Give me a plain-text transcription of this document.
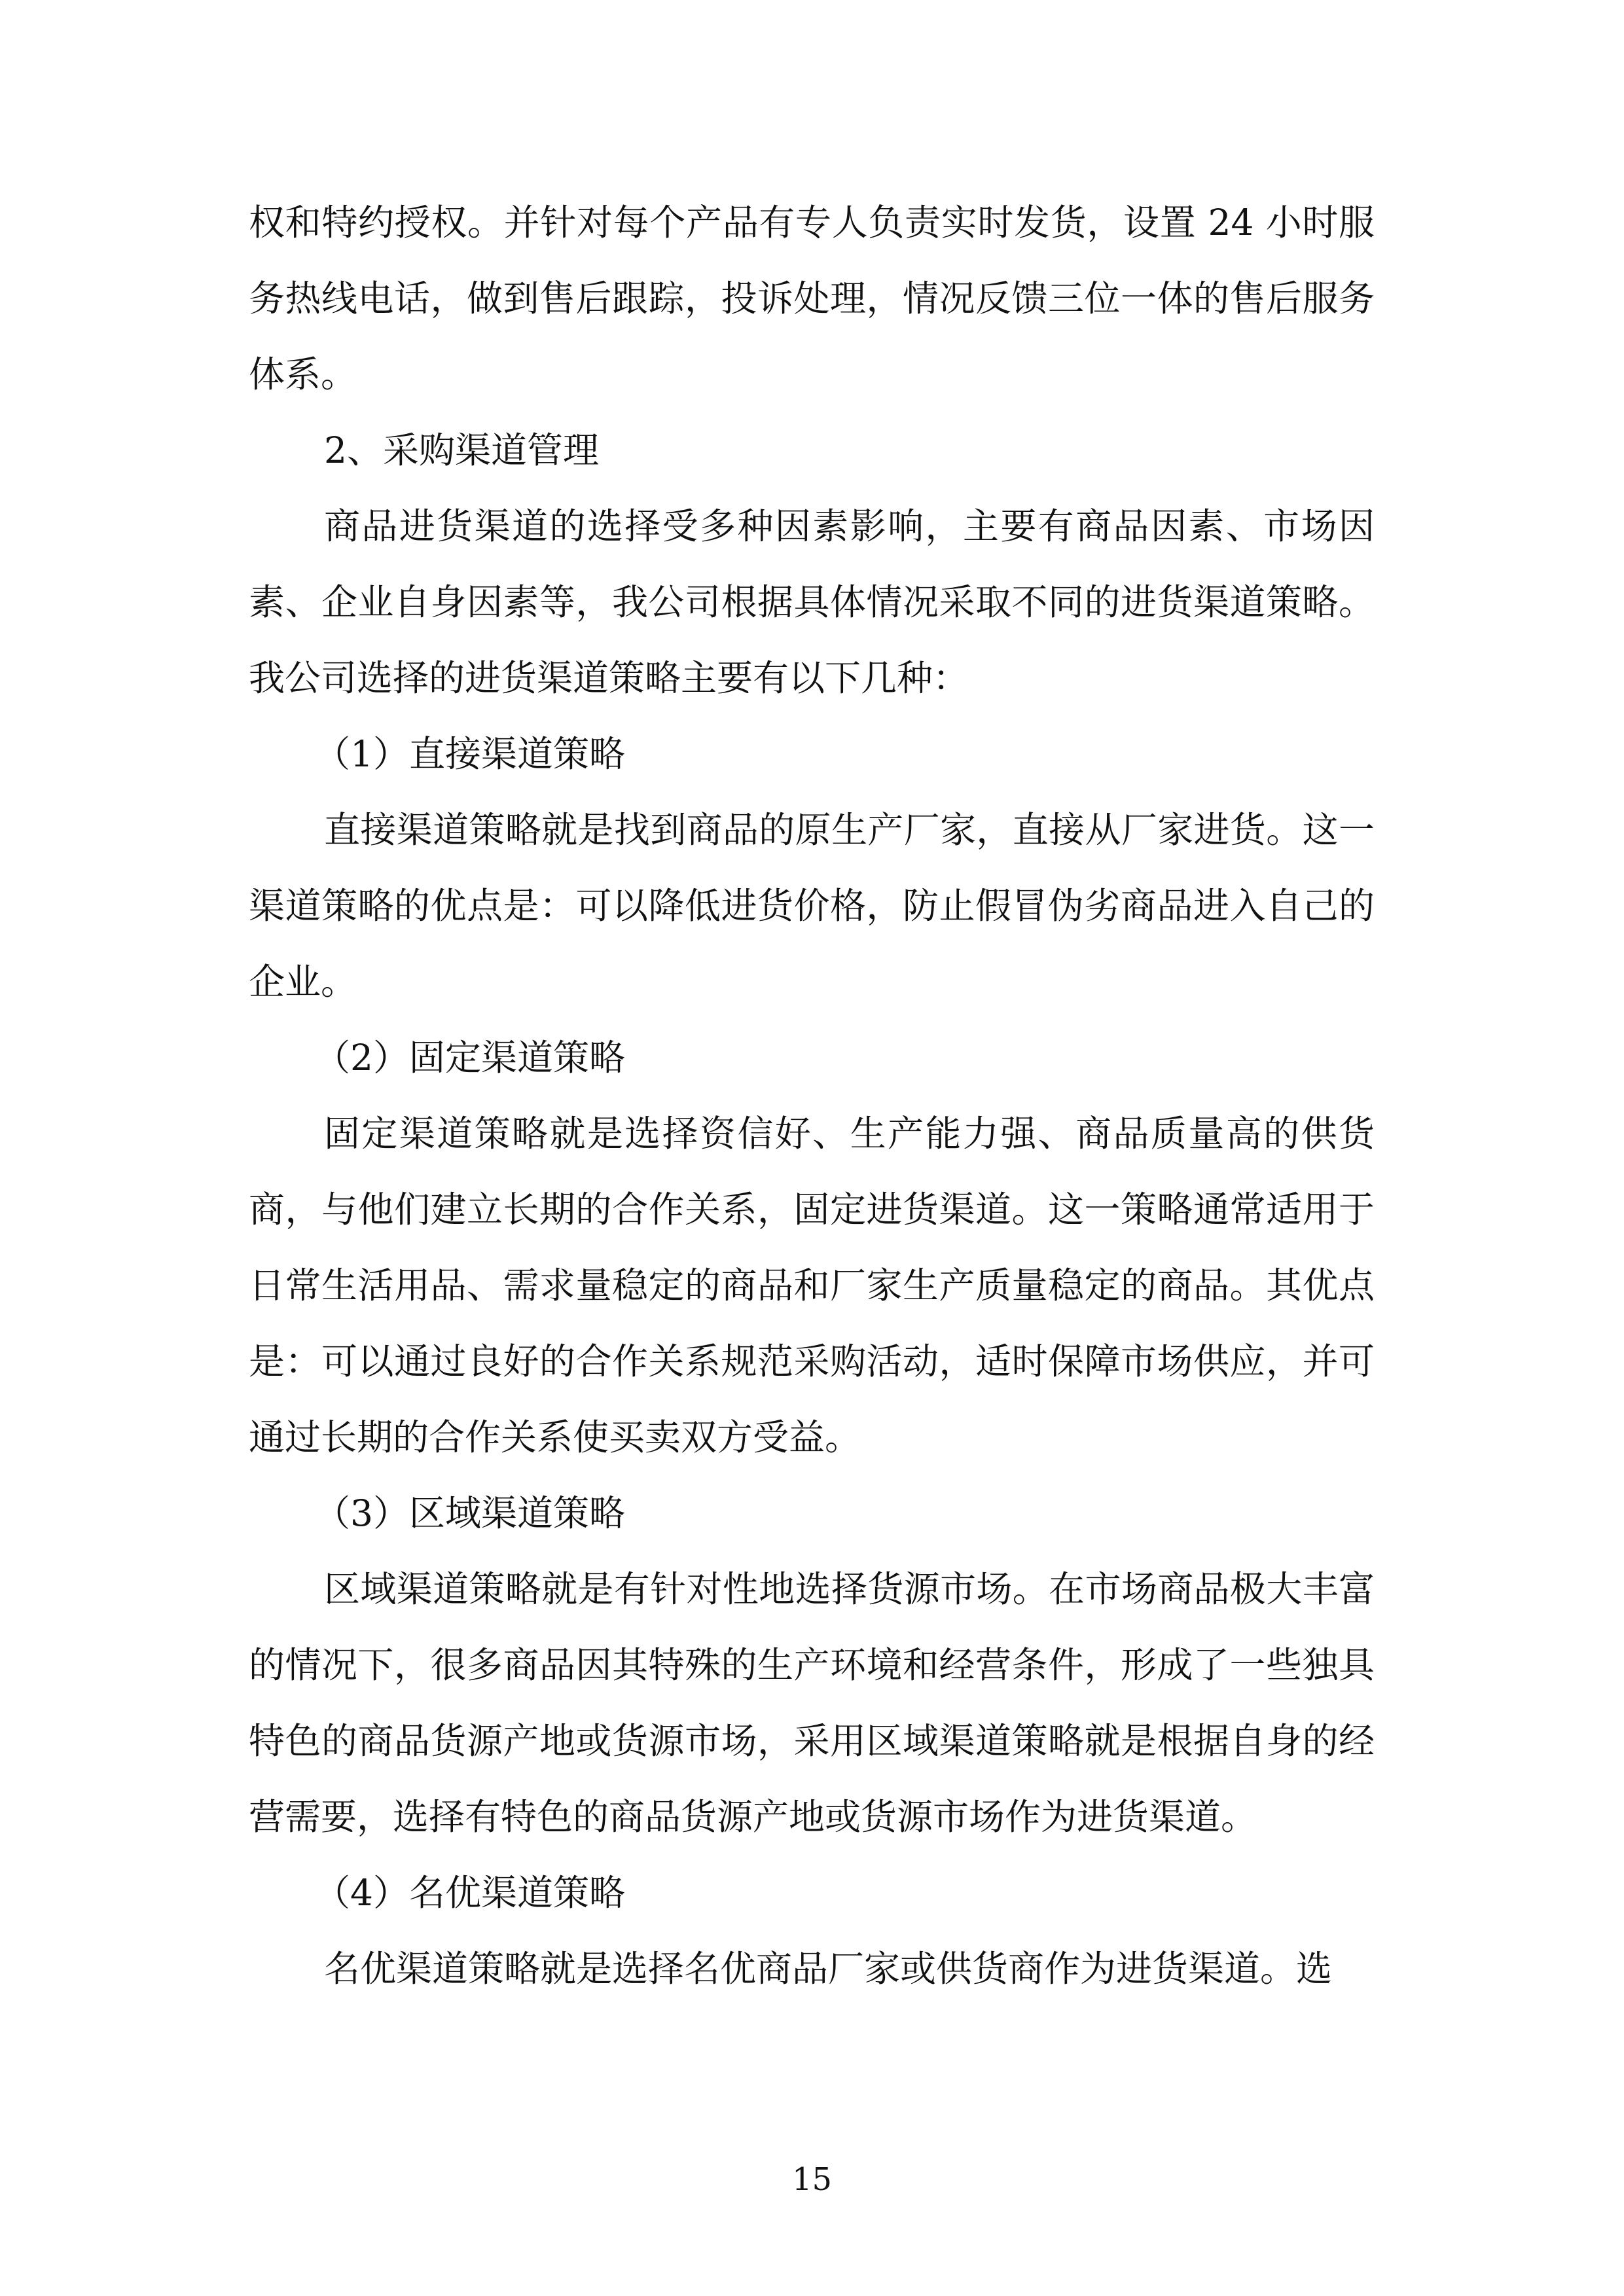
权和特约授权。并针对每个产品有专人负责实时发货，设置 24 小时服务热线电话，做到售后跟踪，投诉处理，情况反馈三位一体的售后服务体系。

2、采购渠道管理

商品进货渠道的选择受多种因素影响，主要有商品因素、市场因素、企业自身因素等，我公司根据具体情况采取不同的进货渠道策略。我公司选择的进货渠道策略主要有以下几种：

（1）直接渠道策略

直接渠道策略就是找到商品的原生产厂家，直接从厂家进货。这一渠道策略的优点是：可以降低进货价格，防止假冒伪劣商品进入自己的企业。

（2）固定渠道策略

固定渠道策略就是选择资信好、生产能力强、商品质量高的供货商，与他们建立长期的合作关系，固定进货渠道。这一策略通常适用于日常生活用品、需求量稳定的商品和厂家生产质量稳定的商品。其优点是：可以通过良好的合作关系规范采购活动，适时保障市场供应，并可通过长期的合作关系使买卖双方受益。

（3）区域渠道策略

区域渠道策略就是有针对性地选择货源市场。在市场商品极大丰富的情况下，很多商品因其特殊的生产环境和经营条件，形成了一些独具特色的商品货源产地或货源市场，采用区域渠道策略就是根据自身的经营需要，选择有特色的商品货源产地或货源市场作为进货渠道。

（4）名优渠道策略

名优渠道策略就是选择名优商品厂家或供货商作为进货渠道。选

15
